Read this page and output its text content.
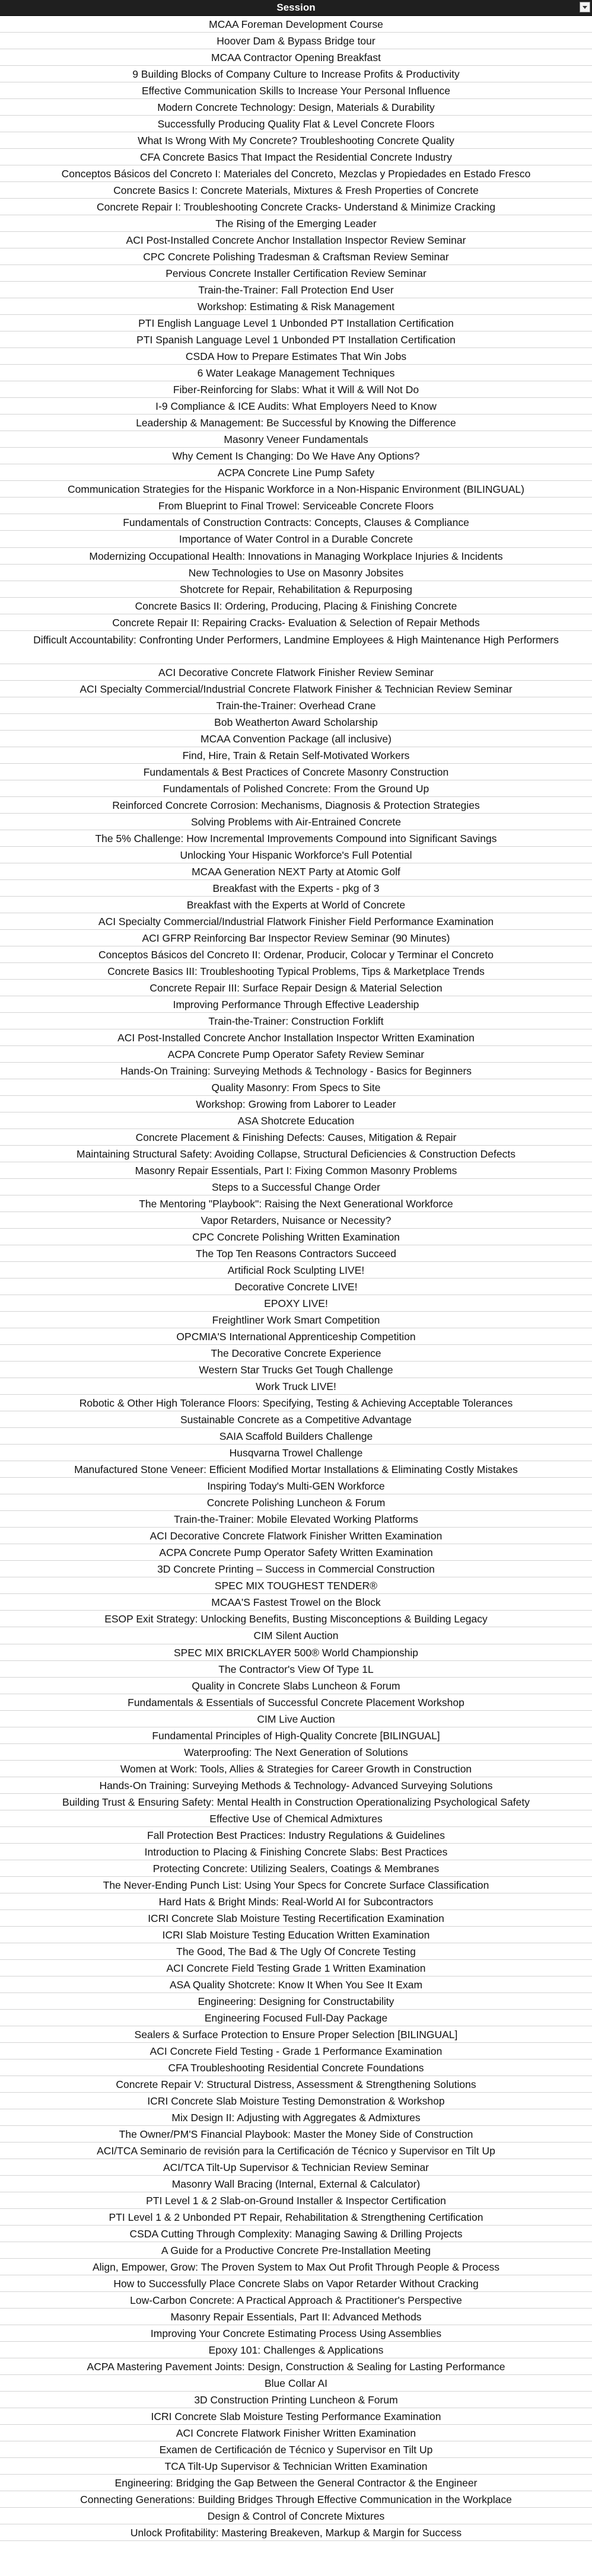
Session
MCAA Foreman Development Course
Hoover Dam & Bypass Bridge tour
MCAA Contractor Opening Breakfast
9 Building Blocks of Company Culture to Increase Profits & Productivity
Effective Communication Skills to Increase Your Personal Influence
Modern Concrete Technology: Design, Materials & Durability
Successfully Producing Quality Flat & Level Concrete Floors
What Is Wrong With My Concrete? Troubleshooting Concrete Quality
CFA Concrete Basics That Impact the Residential Concrete Industry
Conceptos Básicos del Concreto I: Materiales del Concreto, Mezclas y Propiedades en Estado Fresco
Concrete Basics I: Concrete Materials, Mixtures & Fresh Properties of Concrete
Concrete Repair I: Troubleshooting Concrete Cracks- Understand & Minimize Cracking
The Rising of the Emerging Leader
ACI Post-Installed Concrete Anchor Installation Inspector Review Seminar
CPC Concrete Polishing Tradesman & Craftsman Review Seminar
Pervious Concrete Installer Certification Review Seminar
Train-the-Trainer: Fall Protection End User
Workshop: Estimating & Risk Management
PTI English Language Level 1 Unbonded PT Installation Certification
PTI Spanish Language Level 1 Unbonded PT Installation Certification
CSDA How to Prepare Estimates That Win Jobs
6 Water Leakage Management Techniques
Fiber-Reinforcing for Slabs: What it Will & Will Not Do
I-9 Compliance & ICE Audits: What Employers Need to Know
Leadership & Management: Be Successful by Knowing the Difference
Masonry Veneer Fundamentals
Why Cement Is Changing: Do We Have Any Options?
ACPA Concrete Line Pump Safety
Communication Strategies for the Hispanic Workforce in a Non-Hispanic Environment (BILINGUAL)
From Blueprint to Final Trowel: Serviceable Concrete Floors
Fundamentals of Construction Contracts: Concepts, Clauses & Compliance
Importance of Water Control in a Durable Concrete
Modernizing Occupational Health: Innovations in Managing Workplace Injuries & Incidents
New Technologies to Use on Masonry Jobsites
Shotcrete for Repair, Rehabilitation & Repurposing
Concrete Basics II: Ordering, Producing, Placing & Finishing Concrete
Concrete Repair II: Repairing Cracks- Evaluation & Selection of Repair Methods
Difficult Accountability: Confronting Under Performers, Landmine Employees & High Maintenance High Performers
ACI Decorative Concrete Flatwork Finisher Review Seminar
ACI Specialty Commercial/Industrial Concrete Flatwork Finisher & Technician Review Seminar
Train-the-Trainer: Overhead Crane
Bob Weatherton Award Scholarship
MCAA Convention Package (all inclusive)
Find, Hire, Train & Retain Self-Motivated Workers
Fundamentals & Best Practices of Concrete Masonry Construction
Fundamentals of Polished Concrete: From the Ground Up
Reinforced Concrete Corrosion: Mechanisms, Diagnosis & Protection Strategies
Solving Problems with Air-Entrained Concrete
The 5% Challenge: How Incremental Improvements Compound into Significant Savings
Unlocking Your Hispanic Workforce's Full Potential
MCAA Generation NEXT Party at Atomic Golf
Breakfast with the Experts - pkg of 3
Breakfast with the Experts at World of Concrete
ACI Specialty Commercial/Industrial Flatwork Finisher Field Performance Examination
ACI GFRP Reinforcing Bar Inspector Review Seminar (90 Minutes)
Conceptos Básicos del Concreto II: Ordenar, Producir, Colocar y Terminar el Concreto
Concrete Basics III: Troubleshooting Typical Problems, Tips & Marketplace Trends
Concrete Repair III: Surface Repair Design & Material Selection
Improving Performance Through Effective Leadership
Train-the-Trainer: Construction Forklift
ACI Post-Installed Concrete Anchor Installation Inspector Written Examination
ACPA Concrete Pump Operator Safety Review Seminar
Hands-On Training: Surveying Methods & Technology - Basics for Beginners
Quality Masonry: From Specs to Site
Workshop: Growing from Laborer to Leader
ASA Shotcrete Education
Concrete Placement & Finishing Defects: Causes, Mitigation & Repair
Maintaining Structural Safety: Avoiding Collapse, Structural Deficiencies & Construction Defects
Masonry Repair Essentials, Part I: Fixing Common Masonry Problems
Steps to a Successful Change Order
The Mentoring "Playbook": Raising the Next Generational Workforce
Vapor Retarders, Nuisance or Necessity?
CPC Concrete Polishing Written Examination
The Top Ten Reasons Contractors Succeed
Artificial Rock Sculpting LIVE!
Decorative Concrete LIVE!
EPOXY LIVE!
Freightliner Work Smart Competition
OPCMIA'S International Apprenticeship Competition
The Decorative Concrete Experience
Western Star Trucks Get Tough Challenge
Work Truck LIVE!
Robotic & Other High Tolerance Floors: Specifying, Testing & Achieving Acceptable Tolerances
Sustainable Concrete as a Competitive Advantage
SAIA Scaffold Builders Challenge
Husqvarna Trowel Challenge
Manufactured Stone Veneer: Efficient Modified Mortar Installations & Eliminating Costly Mistakes
Inspiring Today's Multi-GEN Workforce
Concrete Polishing Luncheon & Forum
Train-the-Trainer: Mobile Elevated Working Platforms
ACI Decorative Concrete Flatwork Finisher Written Examination
ACPA Concrete Pump Operator Safety Written Examination
3D Concrete Printing – Success in Commercial Construction
SPEC MIX TOUGHEST TENDER®
MCAA'S Fastest Trowel on the Block
ESOP Exit Strategy: Unlocking Benefits, Busting Misconceptions & Building Legacy
CIM Silent Auction
SPEC MIX BRICKLAYER 500® World Championship
The Contractor's View Of Type 1L
Quality in Concrete Slabs Luncheon & Forum
Fundamentals & Essentials of Successful Concrete Placement Workshop
CIM Live Auction
Fundamental Principles of High-Quality Concrete [BILINGUAL]
Waterproofing: The Next Generation of Solutions
Women at Work: Tools, Allies & Strategies for Career Growth in Construction
Hands-On Training: Surveying Methods & Technology- Advanced Surveying Solutions
Building Trust & Ensuring Safety: Mental Health in Construction Operationalizing Psychological Safety
Effective Use of Chemical Admixtures
Fall Protection Best Practices: Industry Regulations & Guidelines
Introduction to Placing & Finishing Concrete Slabs: Best Practices
Protecting Concrete: Utilizing Sealers, Coatings & Membranes
The Never-Ending Punch List: Using Your Specs for Concrete Surface Classification
Hard Hats & Bright Minds: Real-World AI for Subcontractors
ICRI Concrete Slab Moisture Testing Recertification Examination
ICRI Slab Moisture Testing Education Written Examination
The Good, The Bad & The Ugly Of Concrete Testing
ACI Concrete Field Testing Grade 1 Written Examination
ASA Quality Shotcrete: Know It When You See It Exam
Engineering: Designing for Constructability
Engineering Focused Full-Day Package
Sealers & Surface Protection to Ensure Proper Selection [BILINGUAL]
ACI Concrete Field Testing - Grade 1 Performance Examination
CFA Troubleshooting Residential Concrete Foundations
Concrete Repair V: Structural Distress, Assessment & Strengthening Solutions
ICRI Concrete Slab Moisture Testing Demonstration & Workshop
Mix Design II: Adjusting with Aggregates & Admixtures
The Owner/PM'S Financial Playbook: Master the Money Side of Construction
ACI/TCA Seminario de revisión para la Certificación de Técnico y Supervisor en Tilt Up
ACI/TCA Tilt-Up Supervisor & Technician Review Seminar
Masonry Wall Bracing (Internal, External & Calculator)
PTI Level 1 & 2 Slab-on-Ground Installer & Inspector Certification
PTI Level 1 & 2 Unbonded PT Repair, Rehabilitation & Strengthening Certification
CSDA Cutting Through Complexity: Managing Sawing & Drilling Projects
A Guide for a Productive Concrete Pre-Installation Meeting
Align, Empower, Grow: The Proven System to Max Out Profit Through People & Process
How to Successfully Place Concrete Slabs on Vapor Retarder Without Cracking
Low-Carbon Concrete: A Practical Approach & Practitioner's Perspective
Masonry Repair Essentials, Part II: Advanced Methods
Improving Your Concrete Estimating Process Using Assemblies
Epoxy 101: Challenges & Applications
ACPA Mastering Pavement Joints: Design, Construction & Sealing for Lasting Performance
Blue Collar AI
3D Construction Printing Luncheon & Forum
ICRI Concrete Slab Moisture Testing Performance Examination
ACI Concrete Flatwork Finisher Written Examination
Examen de Certificación de Técnico y Supervisor en Tilt Up
TCA Tilt-Up Supervisor & Technician Written Examination
Engineering: Bridging the Gap Between the General Contractor & the Engineer
Connecting Generations: Building Bridges Through Effective Communication in the Workplace
Design & Control of Concrete Mixtures
Unlock Profitability: Mastering Breakeven, Markup & Margin for Success
